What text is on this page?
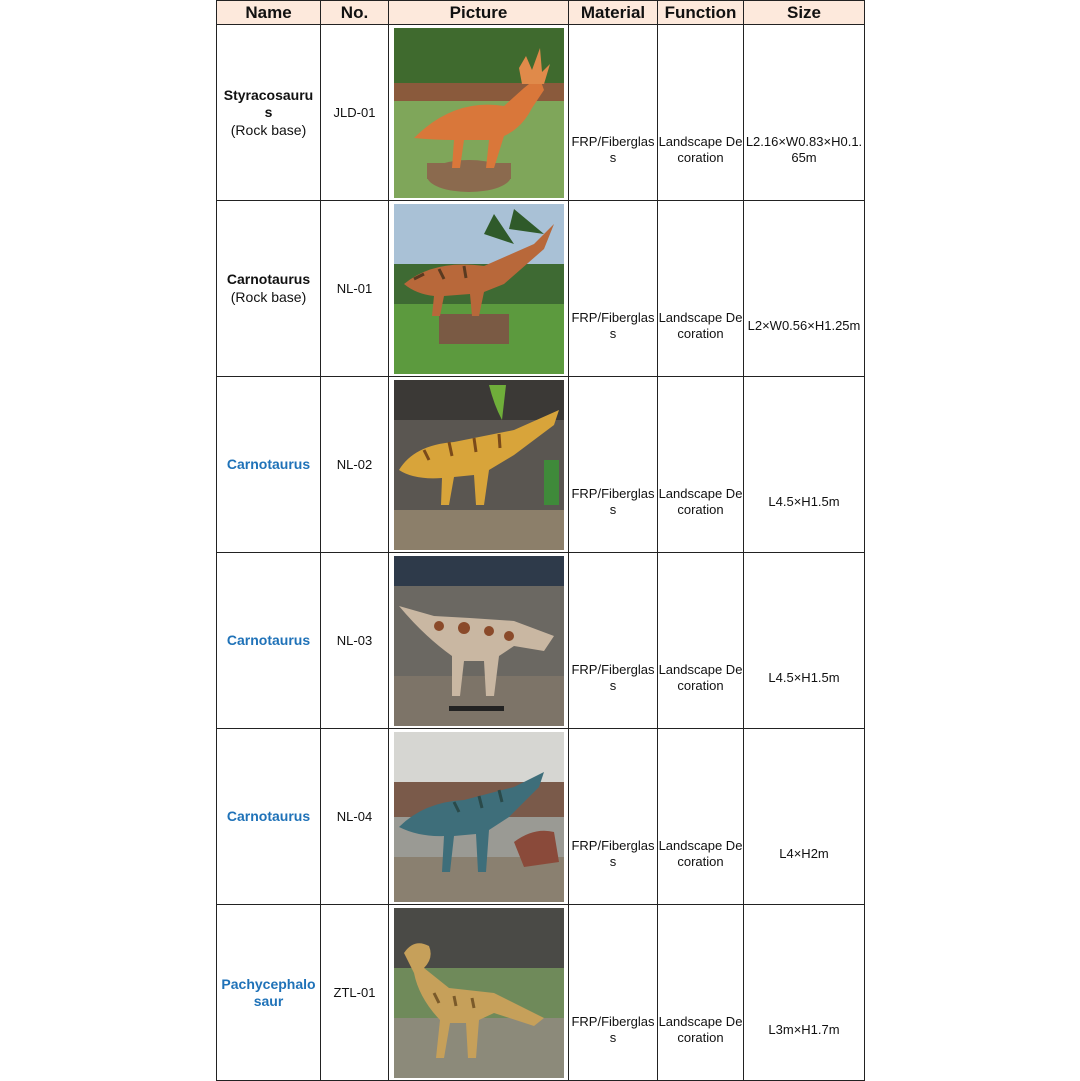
Name	No.	Picture	Material	Function	Size

Styracosaurus
(Rock base)	JLD-01		FRP/Fiberglass	Landscape Decoration	L2.16×W0.83×H0.1.65m

Carnotaurus
(Rock base)	NL-01		FRP/Fiberglass	Landscape Decoration	L2×W0.56×H1.25m

Carnotaurus	NL-02		FRP/Fiberglass	Landscape Decoration	L4.5×H1.5m

Carnotaurus	NL-03		FRP/Fiberglass	Landscape Decoration	L4.5×H1.5m

Carnotaurus	NL-04		FRP/Fiberglass	Landscape Decoration	L4×H2m

Pachycephalosaur	ZTL-01		FRP/Fiberglass	Landscape Decoration	L3m×H1.7m
